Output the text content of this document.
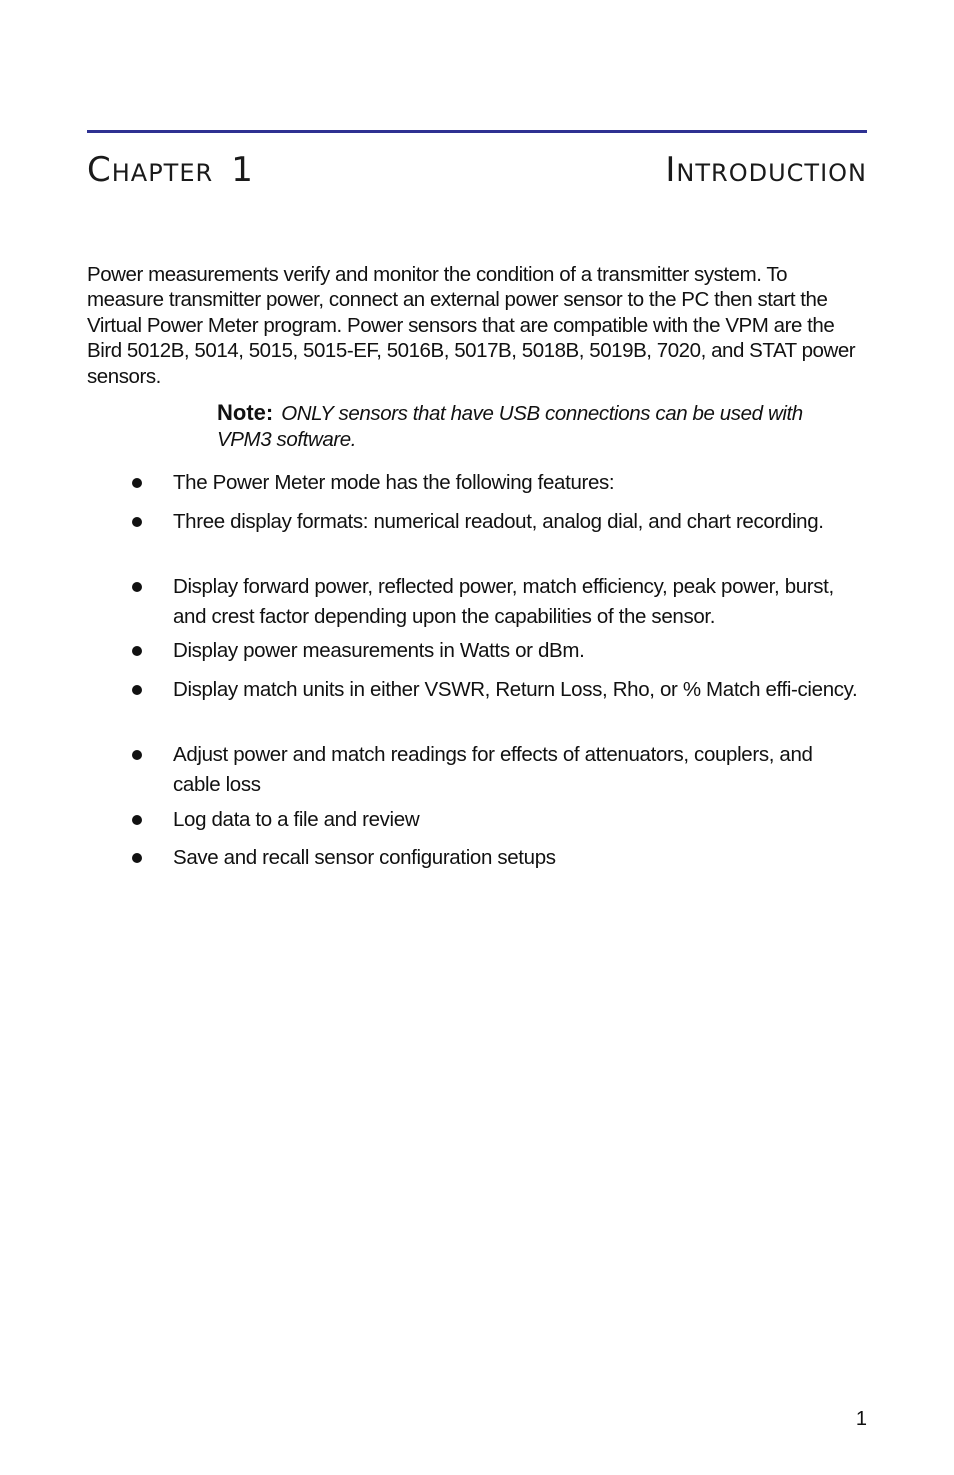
Chapter 1	Introduction

Power measurements verify and monitor the condition of a transmitter system. To measure transmitter power, connect an external power sensor to the PC then start the Virtual Power Meter program. Power sensors that are compatible with the VPM are the Bird 5012B, 5014, 5015, 5015-EF, 5016B, 5017B, 5018B, 5019B, 7020, and STAT power sensors.

Note: ONLY sensors that have USB connections can be used with VPM3 software.

The Power Meter mode has the following features:
Three display formats: numerical readout, analog dial, and chart recording.
Display forward power, reflected power, match efficiency, peak power, burst, and crest factor depending upon the capabilities of the sensor.
Display power measurements in Watts or dBm.
Display match units in either VSWR, Return Loss, Rho, or % Match effi-ciency.
Adjust power and match readings for effects of attenuators, couplers, and cable loss
Log data to a file and review
Save and recall sensor configuration setups
1
